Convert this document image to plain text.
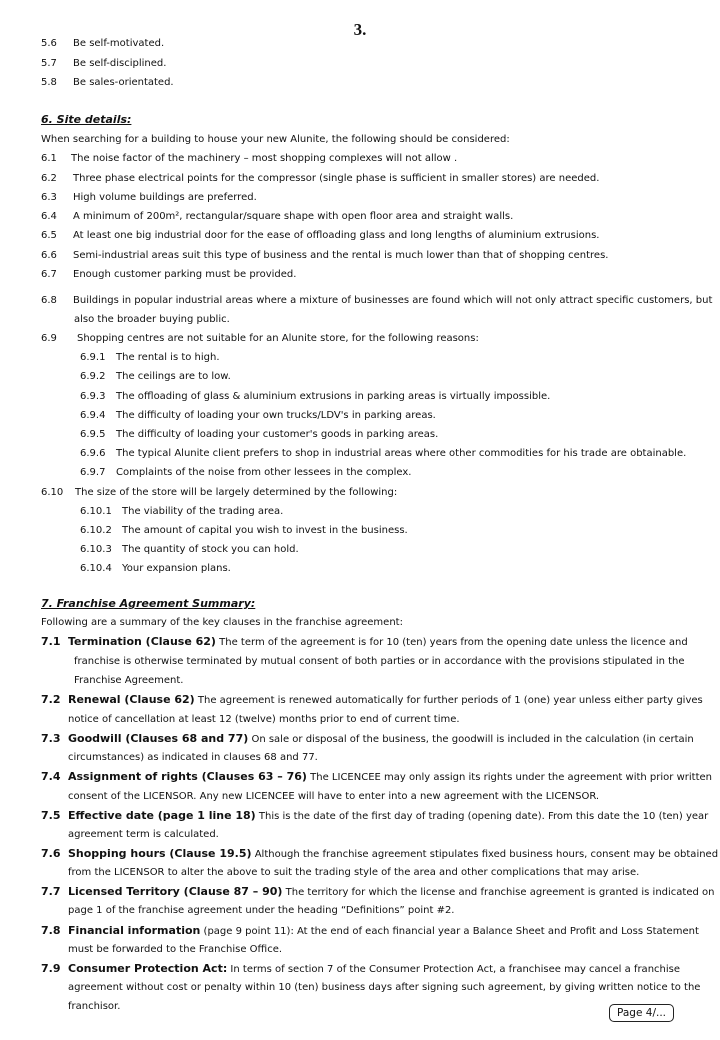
3.
5.6 Be self-motivated.
5.7 Be self-disciplined.
5.8 Be sales-orientated.
6. Site details:
When searching for a building to house your new Alunite, the following should be considered:
6.1 The noise factor of the machinery – most shopping complexes will not allow .
6.2 Three phase electrical points for the compressor (single phase is sufficient in smaller stores) are needed.
6.3 High volume buildings are preferred.
6.4 A minimum of 200m², rectangular/square shape with open floor area and straight walls.
6.5 At least one big industrial door for the ease of offloading glass and long lengths of aluminium extrusions.
6.6 Semi-industrial areas suit this type of business and the rental is much lower than that of shopping centres.
6.7 Enough customer parking must be provided.
6.8 Buildings in popular industrial areas where a mixture of businesses are found which will not only attract specific customers, but
also the broader buying public.
6.9 Shopping centres are not suitable for an Alunite store, for the following reasons:
6.9.1 The rental is to high.
6.9.2 The ceilings are to low.
6.9.3 The offloading of glass & aluminium extrusions in parking areas is virtually impossible.
6.9.4 The difficulty of loading your own trucks/LDV's in parking areas.
6.9.5 The difficulty of loading your customer's goods in parking areas.
6.9.6 The typical Alunite client prefers to shop in industrial areas where other commodities for his trade are obtainable.
6.9.7 Complaints of the noise from other lessees in the complex.
6.10 The size of the store will be largely determined by the following:
6.10.1 The viability of the trading area.
6.10.2 The amount of capital you wish to invest in the business.
6.10.3 The quantity of stock you can hold.
6.10.4 Your expansion plans.
7. Franchise Agreement Summary:
Following are a summary of the key clauses in the franchise agreement:
7.1 Termination (Clause 62) The term of the agreement is for 10 (ten) years from the opening date unless the licence and
franchise is otherwise terminated by mutual consent of both parties or in accordance with the provisions stipulated in the
Franchise Agreement.
7.2 Renewal (Clause 62) The agreement is renewed automatically for further periods of 1 (one) year unless either party gives
notice of cancellation at least 12 (twelve) months prior to end of current time.
7.3 Goodwill (Clauses 68 and 77) On sale or disposal of the business, the goodwill is included in the calculation (in certain
circumstances) as indicated in clauses 68 and 77.
7.4 Assignment of rights (Clauses 63 – 76) The LICENCEE may only assign its rights under the agreement with prior written
consent of the LICENSOR. Any new LICENCEE will have to enter into a new agreement with the LICENSOR.
7.5 Effective date (page 1 line 18) This is the date of the first day of trading (opening date). From this date the 10 (ten) year
agreement term is calculated.
7.6 Shopping hours (Clause 19.5) Although the franchise agreement stipulates fixed business hours, consent may be obtained
from the LICENSOR to alter the above to suit the trading style of the area and other complications that may arise.
7.7 Licensed Territory (Clause 87 – 90) The territory for which the license and franchise agreement is granted is indicated on
page 1 of the franchise agreement under the heading “Definitions” point #2.
7.8 Financial information (page 9 point 11): At the end of each financial year a Balance Sheet and Profit and Loss Statement
must be forwarded to the Franchise Office.
7.9 Consumer Protection Act: In terms of section 7 of the Consumer Protection Act, a franchisee may cancel a franchise
agreement without cost or penalty within 10 (ten) business days after signing such agreement, by giving written notice to the
franchisor.
Page 4/...
